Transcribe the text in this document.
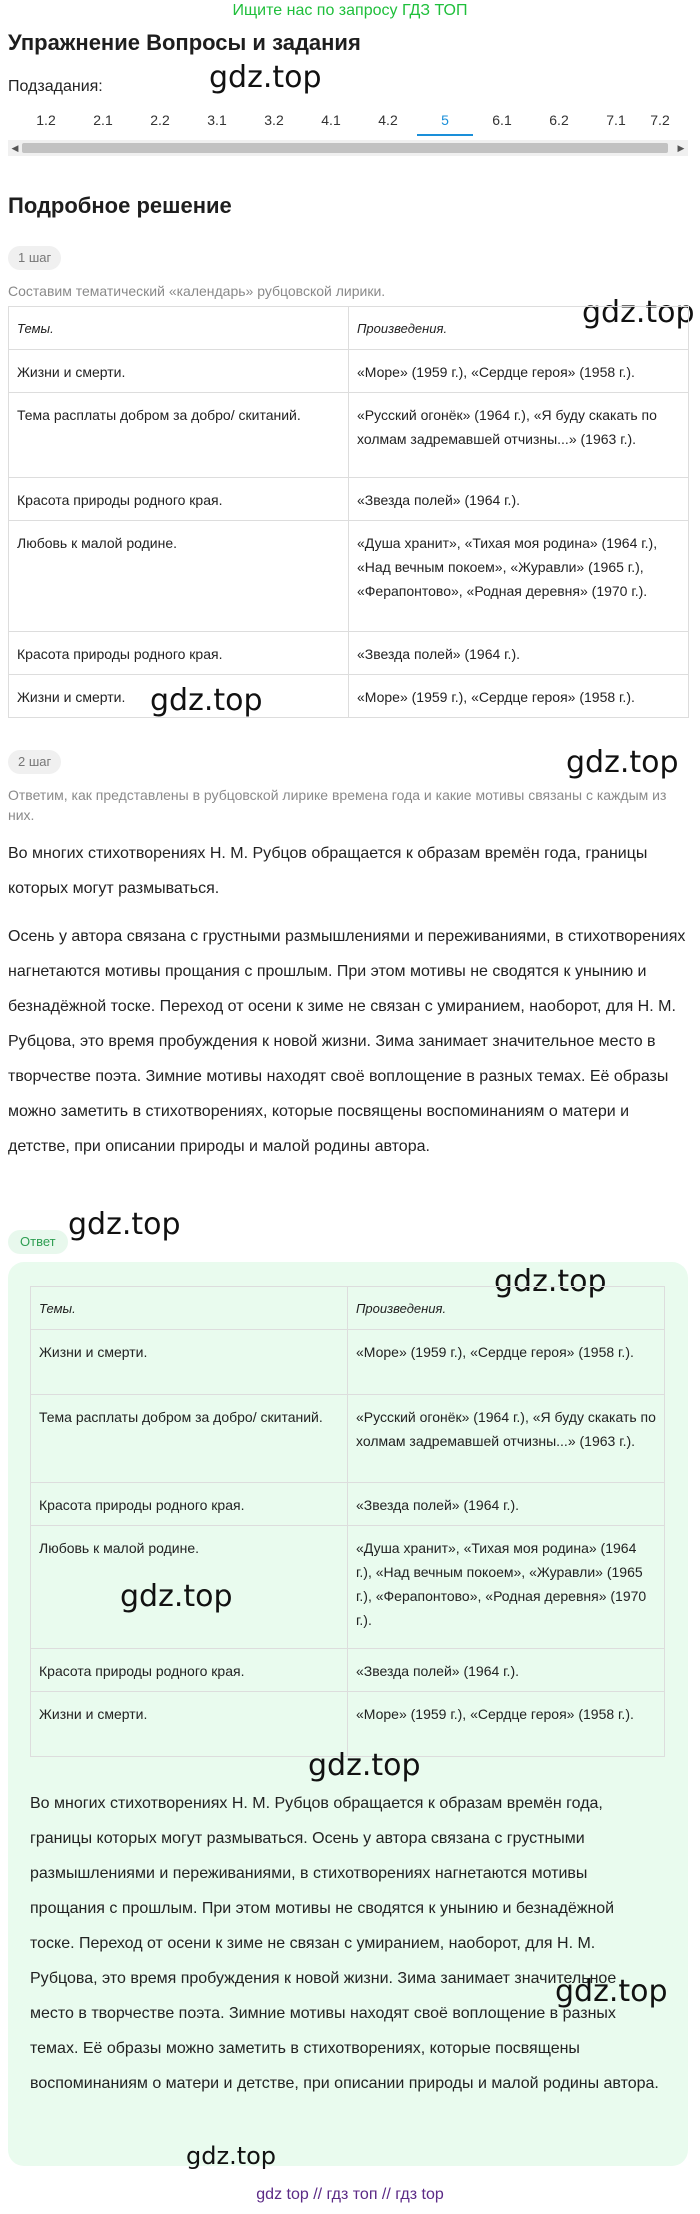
Ищите нас по запросу ГДЗ ТОП
Упражнение Вопросы и задания
Подзадания:	gdz.top
1.2	2.1	2.2	3.1	3.2	4.1	4.2	5	6.1	6.2	7.1	7.2
◀	▶
Подробное решение
1 шаг
Составим тематический «календарь» рубцовской лирики.
gdz.top
Темы.	Произведения.
Жизни и смерти.	«Море» (1959 г.), «Сердце героя» (1958 г.).
Тема расплаты добром за добро/ скитаний.	«Русский огонёк» (1964 г.), «Я буду скакать по холмам задремавшей отчизны...» (1963 г.).
Красота природы родного края.	«Звезда полей» (1964 г.).
Любовь к малой родине.	«Душа хранит», «Тихая моя родина» (1964 г.), «Над вечным покоем», «Журавли» (1965 г.), «Ферапонтово», «Родная деревня» (1970 г.).
Красота природы родного края.	«Звезда полей» (1964 г.).
Жизни и смерти.	«Море» (1959 г.), «Сердце героя» (1958 г.).
gdz.top
2 шаг	gdz.top
Ответим, как представлены в рубцовской лирике времена года и какие мотивы связаны с каждым из них.
Во многих стихотворениях Н. М. Рубцов обращается к образам времён года, границы которых могут размываться.
Осень у автора связана с грустными размышлениями и переживаниями, в стихотворениях нагнетаются мотивы прощания с прошлым. При этом мотивы не сводятся к унынию и безнадёжной тоске. Переход от осени к зиме не связан с умиранием, наоборот, для Н. М. Рубцова, это время пробуждения к новой жизни. Зима занимает значительное место в творчестве поэта. Зимние мотивы находят своё воплощение в разных темах. Её образы можно заметить в стихотворениях, которые посвящены воспоминаниям о матери и детстве, при описании природы и малой родины автора.
gdz.top
Ответ
gdz.top
Темы.	Произведения.
Жизни и смерти.	«Море» (1959 г.), «Сердце героя» (1958 г.).
Тема расплаты добром за добро/ скитаний.	«Русский огонёк» (1964 г.), «Я буду скакать по холмам задремавшей отчизны...» (1963 г.).
Красота природы родного края.	«Звезда полей» (1964 г.).
Любовь к малой родине.	«Душа хранит», «Тихая моя родина» (1964 г.), «Над вечным покоем», «Журавли» (1965 г.), «Ферапонтово», «Родная деревня» (1970 г.).
Красота природы родного края.	«Звезда полей» (1964 г.).
Жизни и смерти.	«Море» (1959 г.), «Сердце героя» (1958 г.).
gdz.top
gdz.top
Во многих стихотворениях Н. М. Рубцов обращается к образам времён года, границы которых могут размываться. Осень у автора связана с грустными размышлениями и переживаниями, в стихотворениях нагнетаются мотивы прощания с прошлым. При этом мотивы не сводятся к унынию и безнадёжной тоске. Переход от осени к зиме не связан с умиранием, наоборот, для Н. М. Рубцова, это время пробуждения к новой жизни. Зима занимает значительное место в творчестве поэта. Зимние мотивы находят своё воплощение в разных темах. Её образы можно заметить в стихотворениях, которые посвящены воспоминаниям о матери и детстве, при описании природы и малой родины автора.
gdz.top
gdz.top
gdz top // гдз топ // гдз top
